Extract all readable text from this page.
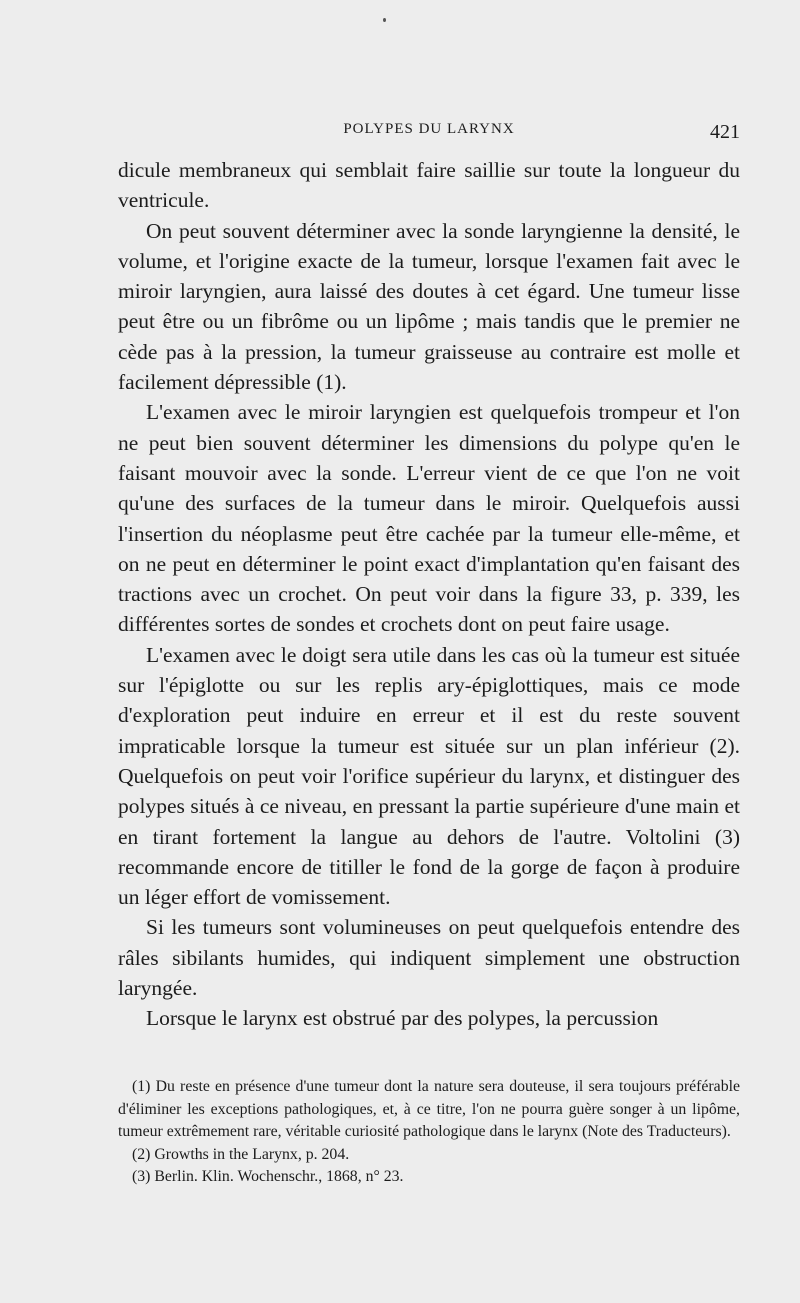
POLYPES DU LARYNX	421

dicule membraneux qui semblait faire saillie sur toute la longueur du ventricule.

On peut souvent déterminer avec la sonde laryngienne la densité, le volume, et l'origine exacte de la tumeur, lorsque l'examen fait avec le miroir laryngien, aura laissé des doutes à cet égard. Une tumeur lisse peut être ou un fibrôme ou un lipôme ; mais tandis que le premier ne cède pas à la pression, la tumeur graisseuse au contraire est molle et facilement dépressible (1).

L'examen avec le miroir laryngien est quelquefois trompeur et l'on ne peut bien souvent déterminer les dimensions du polype qu'en le faisant mouvoir avec la sonde. L'erreur vient de ce que l'on ne voit qu'une des surfaces de la tumeur dans le miroir. Quelquefois aussi l'insertion du néoplasme peut être cachée par la tumeur elle-même, et on ne peut en déterminer le point exact d'implantation qu'en faisant des tractions avec un crochet. On peut voir dans la figure 33, p. 339, les différentes sortes de sondes et crochets dont on peut faire usage.

L'examen avec le doigt sera utile dans les cas où la tumeur est située sur l'épiglotte ou sur les replis ary-épiglottiques, mais ce mode d'exploration peut induire en erreur et il est du reste souvent impraticable lorsque la tumeur est située sur un plan inférieur (2). Quelquefois on peut voir l'orifice supérieur du larynx, et distinguer des polypes situés à ce niveau, en pressant la partie supérieure d'une main et en tirant fortement la langue au dehors de l'autre. Voltolini (3) recommande encore de titiller le fond de la gorge de façon à produire un léger effort de vomissement.

Si les tumeurs sont volumineuses on peut quelquefois entendre des râles sibilants humides, qui indiquent simplement une obstruction laryngée.

Lorsque le larynx est obstrué par des polypes, la percussion

(1) Du reste en présence d'une tumeur dont la nature sera douteuse, il sera toujours préférable d'éliminer les exceptions pathologiques, et, à ce titre, l'on ne pourra guère songer à un lipôme, tumeur extrêmement rare, véritable curiosité pathologique dans le larynx (Note des Traducteurs).

(2) Growths in the Larynx, p. 204.

(3) Berlin. Klin. Wochenschr., 1868, n° 23.
